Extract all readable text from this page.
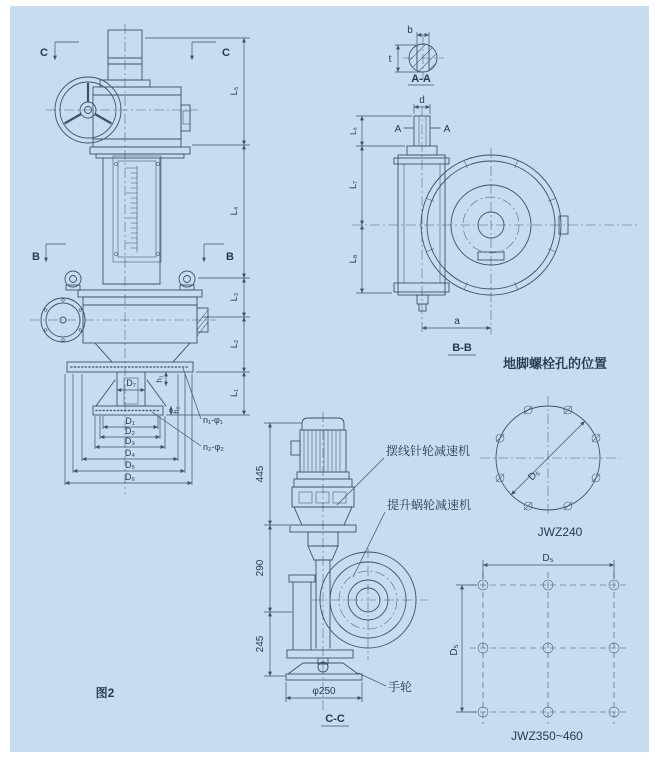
C	C
B	B
L₅
L₄
L₃
L₂
L₁
D₇ h₁
h₂
D₁
D₂
D₃
D₄
D₅
D₆
n₁-φ₁
n₂-φ₂
b
t
A-A
d
A	A
L₆
L₇
L₈
a
B-B
φ250
445
290
245
摆线针轮减速机
提升蜗轮减速机
手轮
C-C
地脚螺栓孔的位置
D₅
JWZ240
D₅
D₅
JWZ350~460
图2
